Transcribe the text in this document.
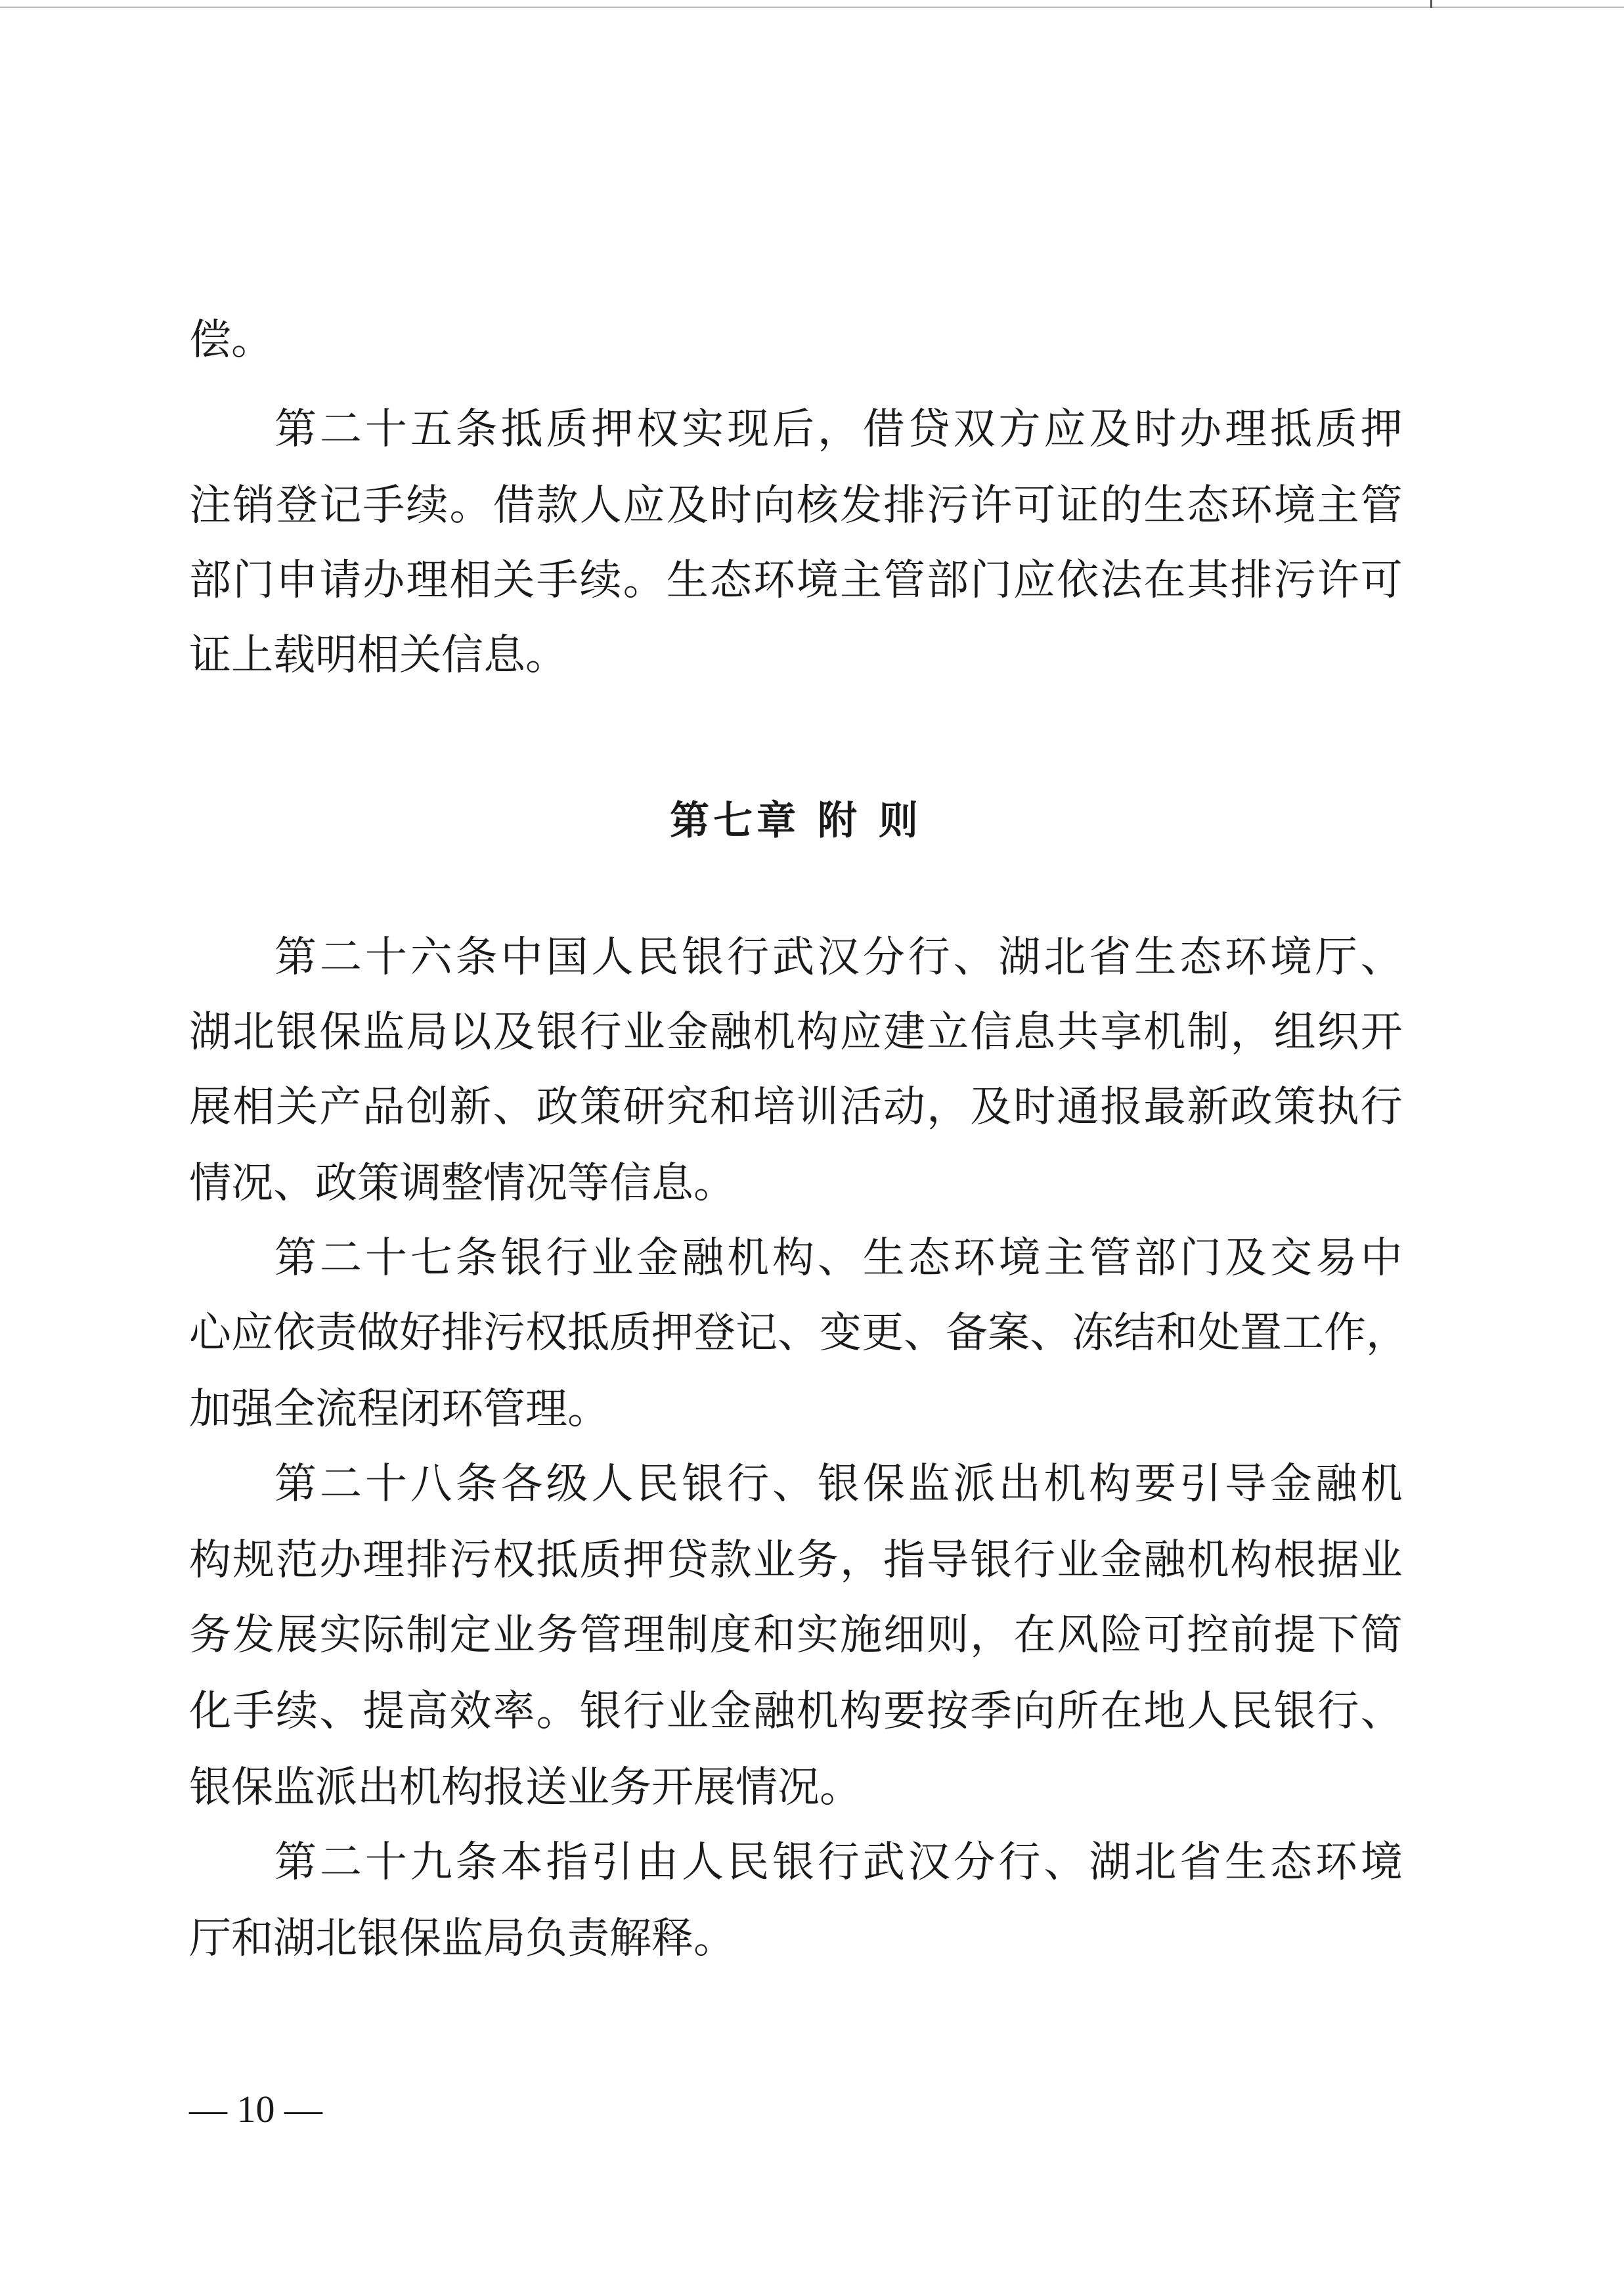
偿。
第 二 十 五 条 抵 质 押 权 实 现 后 ， 借 贷 双 方 应 及 时 办 理 抵 质 押
注 销 登 记 手 续 。 借 款 人 应 及 时 向 核 发 排 污 许 可 证 的 生 态 环 境 主 管
部 门 申 请 办 理 相 关 手 续 。 生 态 环 境 主 管 部 门 应 依 法 在 其 排 污 许 可
证上载明相关信息。
第七章 附 则
第 二 十 六 条 中 国 人 民 银 行 武 汉 分 行 、 湖 北 省 生 态 环 境 厅 、
湖 北 银 保 监 局 以 及 银 行 业 金 融 机 构 应 建 立 信 息 共 享 机 制 ， 组 织 开
展 相 关 产 品 创 新 、 政 策 研 究 和 培 训 活 动 ， 及 时 通 报 最 新 政 策 执 行
情况、政策调整情况等信息。
第 二 十 七 条 银 行 业 金 融 机 构 、 生 态 环 境 主 管 部 门 及 交 易 中
心 应 依 责 做 好 排 污 权 抵 质 押 登 记 、 变 更 、 备 案 、 冻 结 和 处 置 工 作 ，
加强全流程闭环管理。
第 二 十 八 条 各 级 人 民 银 行 、 银 保 监 派 出 机 构 要 引 导 金 融 机
构 规 范 办 理 排 污 权 抵 质 押 贷 款 业 务 ， 指 导 银 行 业 金 融 机 构 根 据 业
务 发 展 实 际 制 定 业 务 管 理 制 度 和 实 施 细 则 ， 在 风 险 可 控 前 提 下 简
化 手 续 、 提 高 效 率 。 银 行 业 金 融 机 构 要 按 季 向 所 在 地 人 民 银 行 、
银保监派出机构报送业务开展情况。
第 二 十 九 条 本 指 引 由 人 民 银 行 武 汉 分 行 、 湖 北 省 生 态 环 境
厅和湖北银保监局负责解释。
— 10 —
